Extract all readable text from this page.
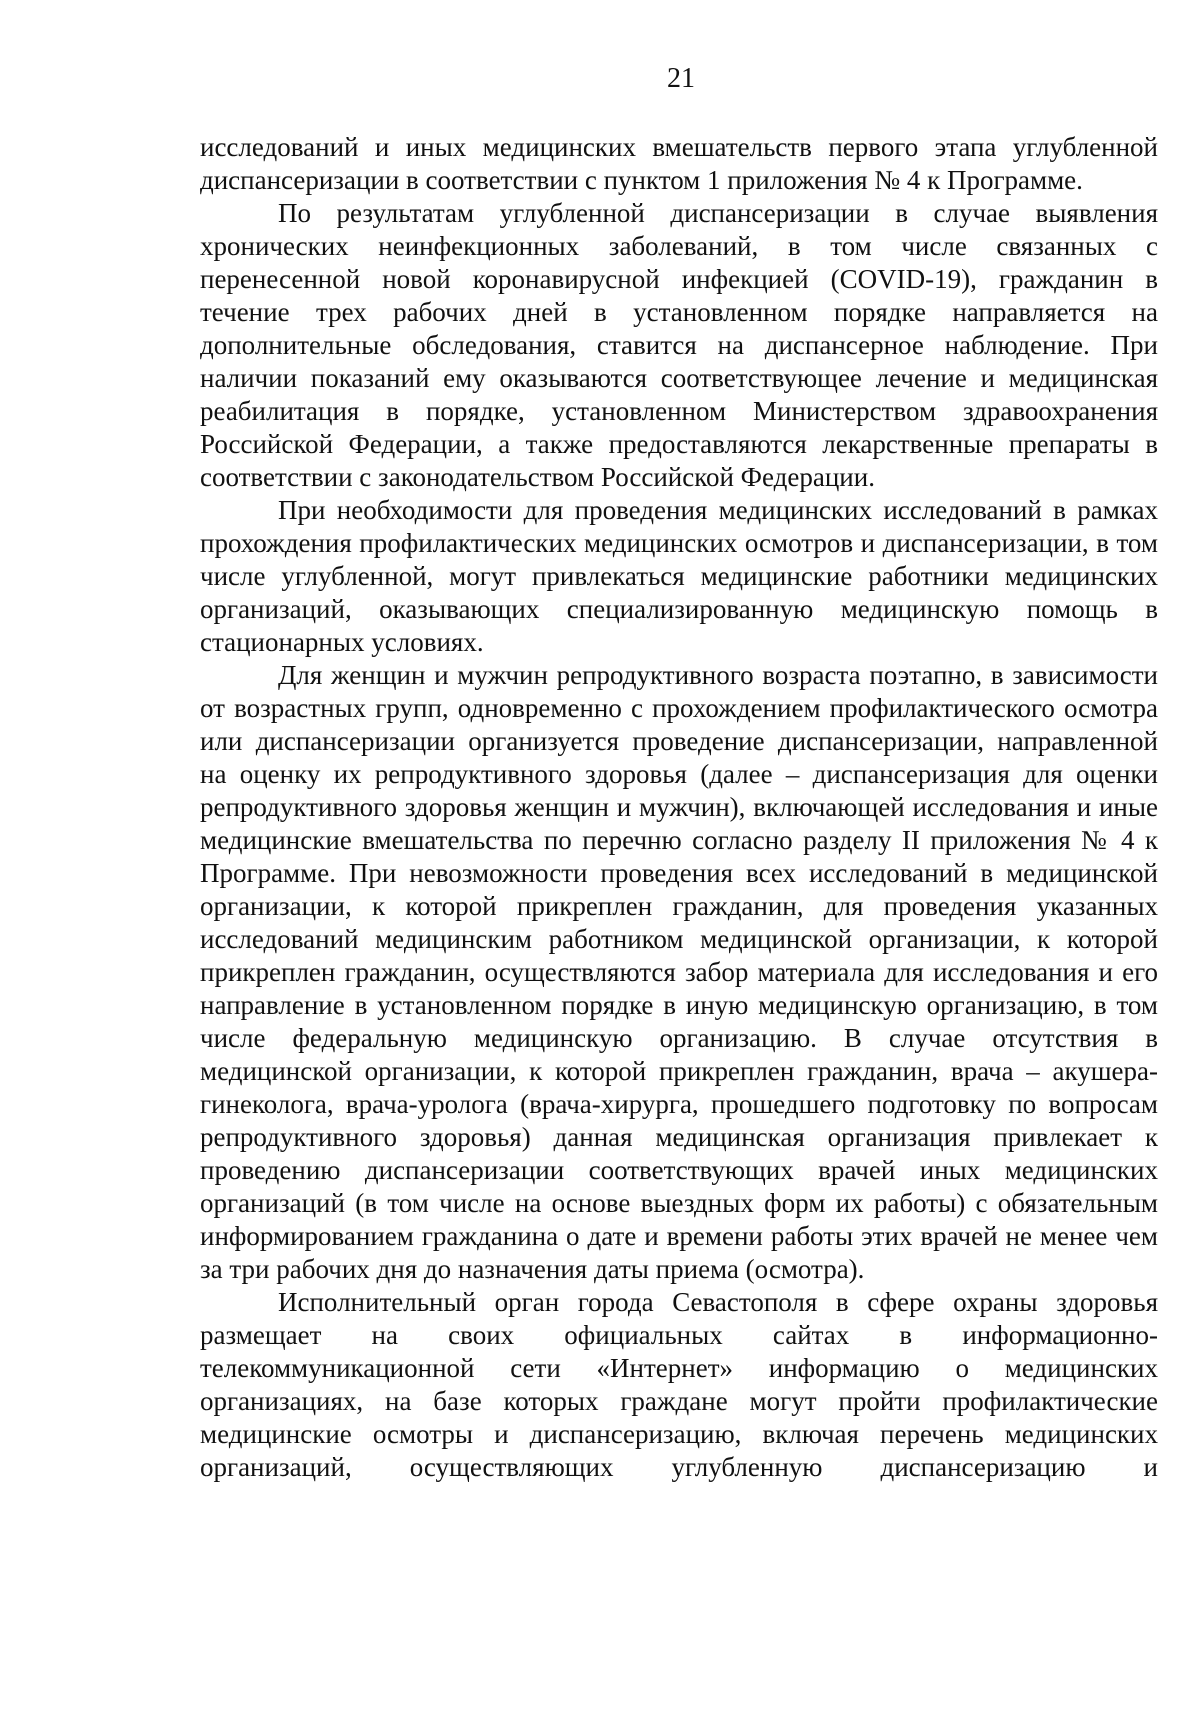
21

исследований и иных медицинских вмешательств первого этапа углубленной диспансеризации в соответствии с пунктом 1 приложения № 4 к Программе.

По результатам углубленной диспансеризации в случае выявления хронических неинфекционных заболеваний, в том числе связанных с перенесенной новой коронавирусной инфекцией (COVID-19), гражданин в течение трех рабочих дней в установленном порядке направляется на дополнительные обследования, ставится на диспансерное наблюдение. При наличии показаний ему оказываются соответствующее лечение и медицинская реабилитация в порядке, установленном Министерством здравоохранения Российской Федерации, а также предоставляются лекарственные препараты в соответствии с законодательством Российской Федерации.

При необходимости для проведения медицинских исследований в рамках прохождения профилактических медицинских осмотров и диспансеризации, в том числе углубленной, могут привлекаться медицинские работники медицинских организаций, оказывающих специализированную медицинскую помощь в стационарных условиях.

Для женщин и мужчин репродуктивного возраста поэтапно, в зависимости от возрастных групп, одновременно с прохождением профилактического осмотра или диспансеризации организуется проведение диспансеризации, направленной на оценку их репродуктивного здоровья (далее – диспансеризация для оценки репродуктивного здоровья женщин и мужчин), включающей исследования и иные медицинские вмешательства по перечню согласно разделу II приложения № 4 к Программе. При невозможности проведения всех исследований в медицинской организации, к которой прикреплен гражданин, для проведения указанных исследований медицинским работником медицинской организации, к которой прикреплен гражданин, осуществляются забор материала для исследования и его направление в установленном порядке в иную медицинскую организацию, в том числе федеральную медицинскую организацию. В случае отсутствия в медицинской организации, к которой прикреплен гражданин, врача – акушера-гинеколога, врача-уролога (врача-хирурга, прошедшего подготовку по вопросам репродуктивного здоровья) данная медицинская организация привлекает к проведению диспансеризации соответствующих врачей иных медицинских организаций (в том числе на основе выездных форм их работы) с обязательным информированием гражданина о дате и времени работы этих врачей не менее чем за три рабочих дня до назначения даты приема (осмотра).

Исполнительный орган города Севастополя в сфере охраны здоровья размещает на своих официальных сайтах в информационно-телекоммуникационной сети «Интернет» информацию о медицинских организациях, на базе которых граждане могут пройти профилактические медицинские осмотры и диспансеризацию, включая перечень медицинских организаций, осуществляющих углубленную диспансеризацию и
